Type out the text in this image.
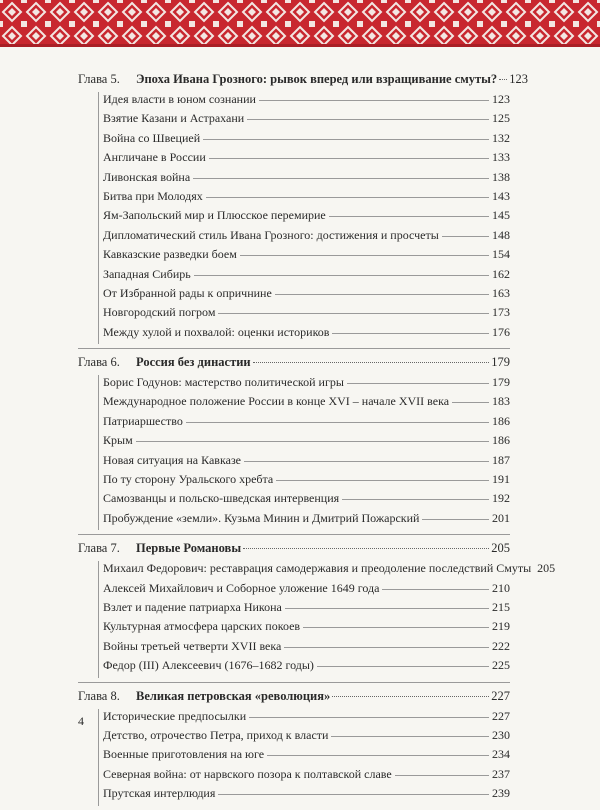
Глава 5.	Эпоха Ивана Грозного: рывок вперед или взращивание смуты? 123
Идея власти в юном сознании	123
Взятие Казани и Астрахани	125
Война со Швецией	132
Англичане в России	133
Ливонская война	138
Битва при Молодях	143
Ям-Запольский мир и Плюсское перемирие	145
Дипломатический стиль Ивана Грозного: достижения и просчеты	148
Кавказские разведки боем	154
Западная Сибирь	162
От Избранной рады к опричнине	163
Новгородский погром	173
Между хулой и похвалой: оценки историков	176
Глава 6.	Россия без династии	179
Борис Годунов: мастерство политической игры	179
Международное положение России в конце XVI – начале XVII века	183
Патриаршество	186
Крым	186
Новая ситуация на Кавказе	187
По ту сторону Уральского хребта	191
Самозванцы и польско-шведская интервенция	192
Пробуждение «земли». Кузьма Минин и Дмитрий Пожарский	201
Глава 7.	Первые Романовы	205
Михаил Федорович: реставрация самодержавия и преодоление последствий Смуты 205
Алексей Михайлович и Соборное уложение 1649 года	210
Взлет и падение патриарха Никона	215
Культурная атмосфера царских покоев	219
Войны третьей четверти XVII века	222
Федор (III) Алексеевич (1676–1682 годы)	225
Глава 8.	Великая петровская «революция»	227
Исторические предпосылки	227
Детство, отрочество Петра, приход к власти	230
Военные приготовления на юге	234
Северная война: от нарвского позора к полтавской славе	237
Прутская интерлюдия	239
4
